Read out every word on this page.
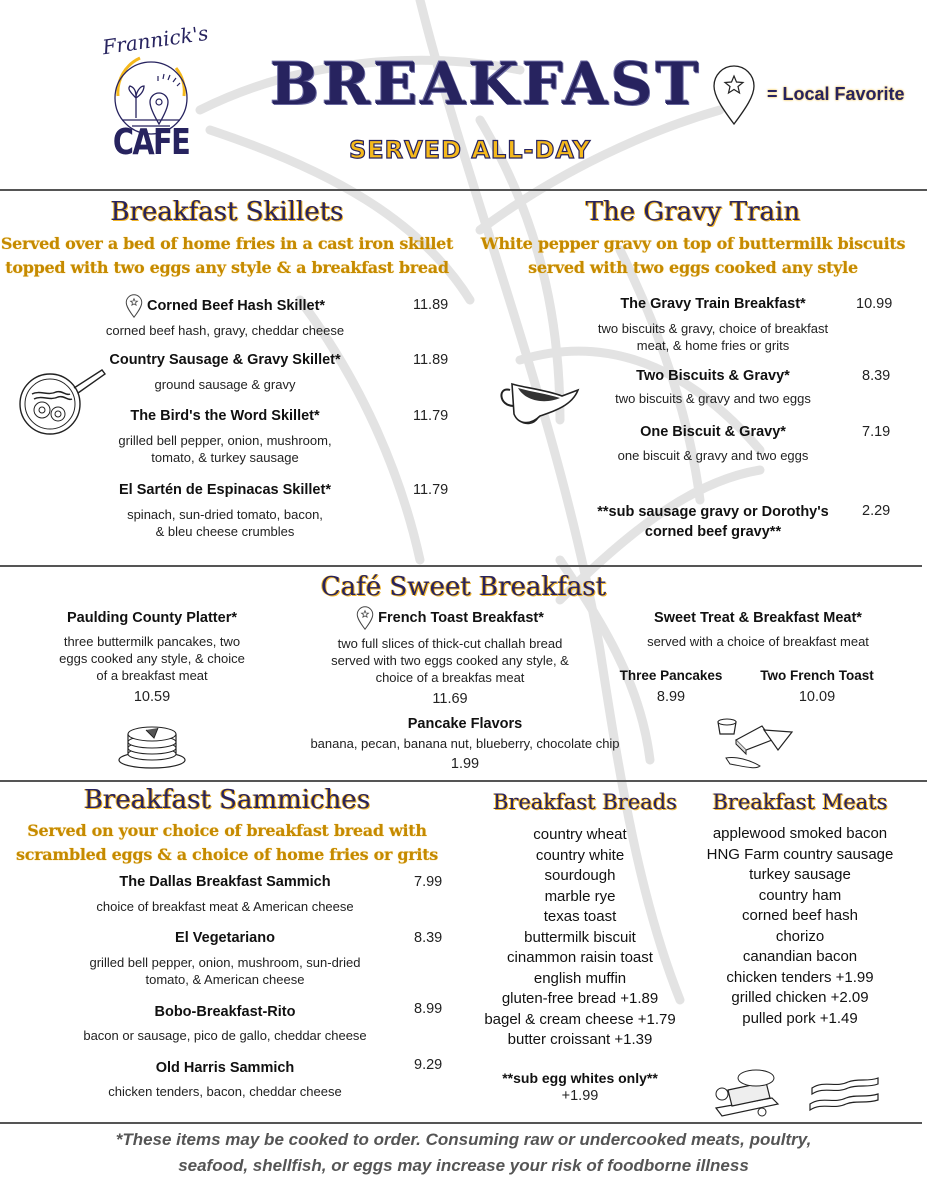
Frannick's
CAFE
BREAKFAST
SERVED ALL-DAY
= Local Favorite
Breakfast Skillets
Served over a bed of home fries in a cast iron skillet
topped with two eggs any style & a breakfast bread
Corned Beef Hash Skillet*	11.89
corned beef hash, gravy, cheddar cheese
Country Sausage & Gravy Skillet*	11.89
ground sausage & gravy
The Bird's the Word Skillet*	11.79
grilled bell pepper, onion, mushroom,
tomato, & turkey sausage
El Sartén de Espinacas Skillet*	11.79
spinach, sun-dried tomato, bacon,
& bleu cheese crumbles
The Gravy Train
White pepper gravy on top of buttermilk biscuits
served with two eggs cooked any style
The Gravy Train Breakfast*	10.99
two biscuits & gravy, choice of breakfast
meat, & home fries or grits
Two Biscuits & Gravy*	8.39
two biscuits & gravy and two eggs
One Biscuit & Gravy*	7.19
one biscuit & gravy and two eggs
**sub sausage gravy or Dorothy's
corned beef gravy**
2.29
Café Sweet Breakfast
Paulding County Platter*
three buttermilk pancakes, two
eggs cooked any style, & choice
of a breakfast meat
10.59
French Toast Breakfast*
two full slices of thick-cut challah bread
served with two eggs cooked any style, &
choice of a breakfas meat
11.69
Pancake Flavors
banana, pecan, banana nut, blueberry, chocolate chip
1.99
Sweet Treat & Breakfast Meat*
served with a choice of breakfast meat
Three Pancakes
8.99
Two French Toast
10.09
Breakfast Sammiches
Served on your choice of breakfast bread with
scrambled eggs & a choice of home fries or grits
The Dallas Breakfast Sammich	7.99
choice of breakfast meat & American cheese
El Vegetariano	8.39
grilled bell pepper, onion, mushroom, sun-dried
tomato, & American cheese
Bobo-Breakfast-Rito	8.99
bacon or sausage, pico de gallo, cheddar cheese
Old Harris Sammich	9.29
chicken tenders, bacon, cheddar cheese
Breakfast Breads
country wheat
country white
sourdough
marble rye
texas toast
buttermilk biscuit
cinammon raisin toast
english muffin
gluten-free bread +1.89
bagel & cream cheese +1.79
butter croissant +1.39
**sub egg whites only**
+1.99
Breakfast Meats
applewood smoked bacon
HNG Farm country sausage
turkey sausage
country ham
corned beef hash
chorizo
canandian bacon
chicken tenders +1.99
grilled chicken +2.09
pulled pork +1.49
*These items may be cooked to order. Consuming raw or undercooked meats, poultry,
seafood, shellfish, or eggs may increase your risk of foodborne illness
